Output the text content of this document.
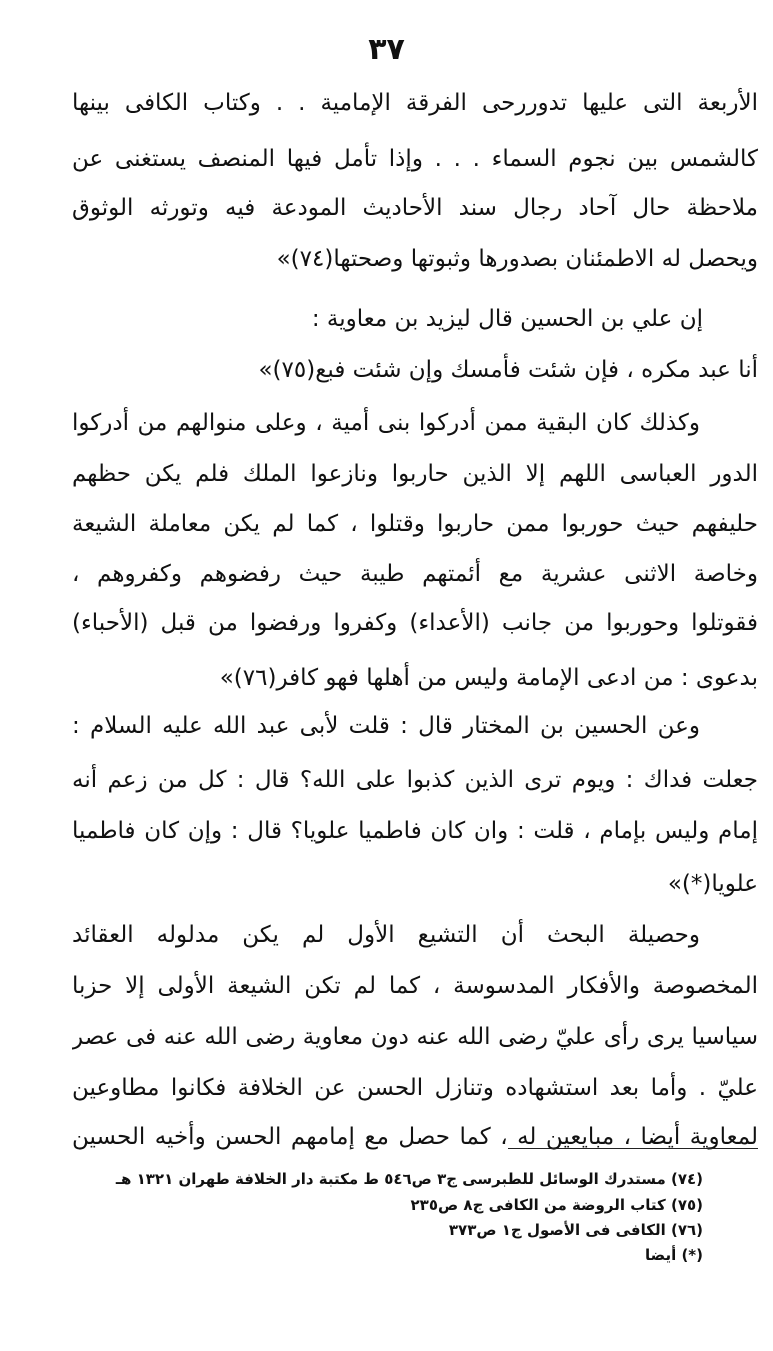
٣٧
الأربعة التى عليها تدوررحى الفرقة الإمامية . . وكتاب الكافى بينها
كالشمس بين نجوم السماء . . . وإذا تأمل فيها المنصف يستغنى عن
ملاحظة حال آحاد رجال سند الأحاديث المودعة فيه وتورثه الوثوق
ويحصل له الاطمئنان بصدورها وثبوتها وصحتها(٧٤)»
إن علي بن الحسين قال ليزيد بن معاوية :
أنا عبد مكره ، فإن شئت فأمسك وإن شئت فبع(٧٥)»
وكذلك كان البقية ممن أدركوا بنى أمية ، وعلى منوالهم من أدركوا
الدور العباسى اللهم إلا الذين حاربوا ونازعوا الملك فلم يكن حظهم
حليفهم حيث حوربوا ممن حاربوا وقتلوا ، كما لم يكن معاملة الشيعة
وخاصة الاثنى عشرية مع أئمتهم طيبة حيث رفضوهم وكفروهم ،
فقوتلوا وحوربوا من جانب (الأعداء) وكفروا ورفضوا من قبل (الأحباء)
بدعوى : من ادعى الإمامة وليس من أهلها فهو كافر(٧٦)»
وعن الحسين بن المختار قال : قلت لأبى عبد الله عليه السلام :
جعلت فداك : ويوم ترى الذين كذبوا على الله؟ قال : كل من زعم أنه
إمام وليس بإمام ، قلت : وان كان فاطميا علويا؟ قال : وإن كان فاطميا
علويا(*)»
وحصيلة البحث أن التشيع الأول لم يكن مدلوله العقائد
المخصوصة والأفكار المدسوسة ، كما لم تكن الشيعة الأولى إلا حزبا
سياسيا يرى رأى عليّ رضى الله عنه دون معاوية رضى الله عنه فى عصر
عليّ . وأما بعد استشهاده وتنازل الحسن عن الخلافة فكانوا مطاوعين
لمعاوية أيضا ، مبايعين له ، كما حصل مع إمامهم الحسن وأخيه الحسين
(٧٤) مستدرك الوسائل للطبرسى ج٣ ص٥٤٦ ط مكتبة دار الخلافة طهران ١٣٢١ هـ
(٧٥) كتاب الروضة من الكافى ج٨ ص٢٣٥
(٧٦) الكافى فى الأصول ج١ ص٣٧٣
(*) أيضا
